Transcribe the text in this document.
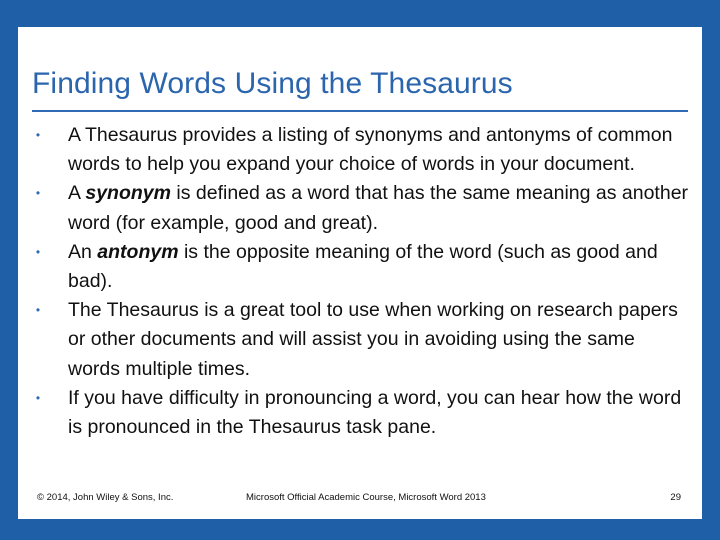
Finding Words Using the Thesaurus
•	A Thesaurus provides a listing of synonyms and antonyms of common words to help you expand your choice of words in your document.
•	A synonym is defined as a word that has the same meaning as another word (for example, good and great).
•	An antonym is the opposite meaning of the word (such as good and bad).
•	The Thesaurus is a great tool to use when working on research papers or other documents and will assist you in avoiding using the same words multiple times.
•	If you have difficulty in pronouncing a word, you can hear how the word is pronounced in the Thesaurus task pane.
© 2014, John Wiley & Sons, Inc.	Microsoft Official Academic Course, Microsoft Word 2013	29
